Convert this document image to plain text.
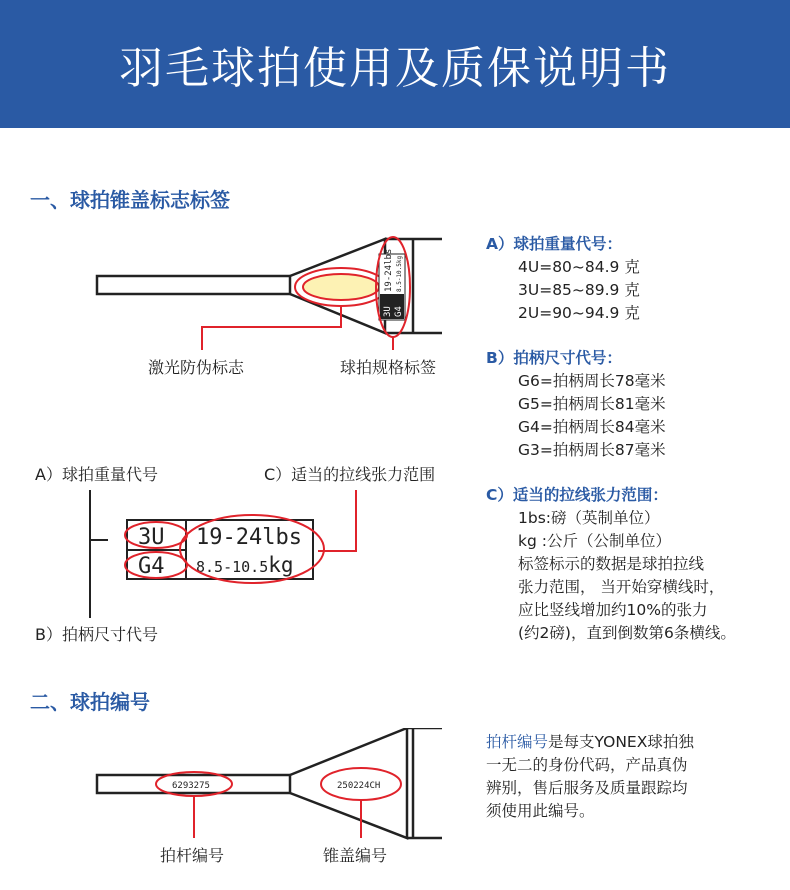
羽毛球拍使用及质保说明书
一、球拍锥盖标志标签
19-24lbs 8.5-10.5kg
3U G4
激光防伪标志	球拍规格标签
A）球拍重量代号	C）适当的拉线张力范围
B）拍柄尺寸代号
3U
G4
19-24lbs
8.5-10.5kg
A）球拍重量代号：
4U=80~84.9 克
3U=85~89.9 克
2U=90~94.9 克
B）拍柄尺寸代号：
G6=拍柄周长78毫米
G5=拍柄周长81毫米
G4=拍柄周长84毫米
G3=拍柄周长87毫米
C）适当的拉线张力范围：
1bs:磅（英制单位）
kg :公斤（公制单位）
标签标示的数据是球拍拉线
张力范围， 当开始穿横线时，
应比竖线增加约10%的张力
(约2磅)，直到倒数第6条横线。
二、球拍编号
6293275	250224CH
拍杆编号	锥盖编号
拍杆编号是每支YONEX球拍独
一无二的身份代码，产品真伪
辨别，售后服务及质量跟踪均
须使用此编号。
